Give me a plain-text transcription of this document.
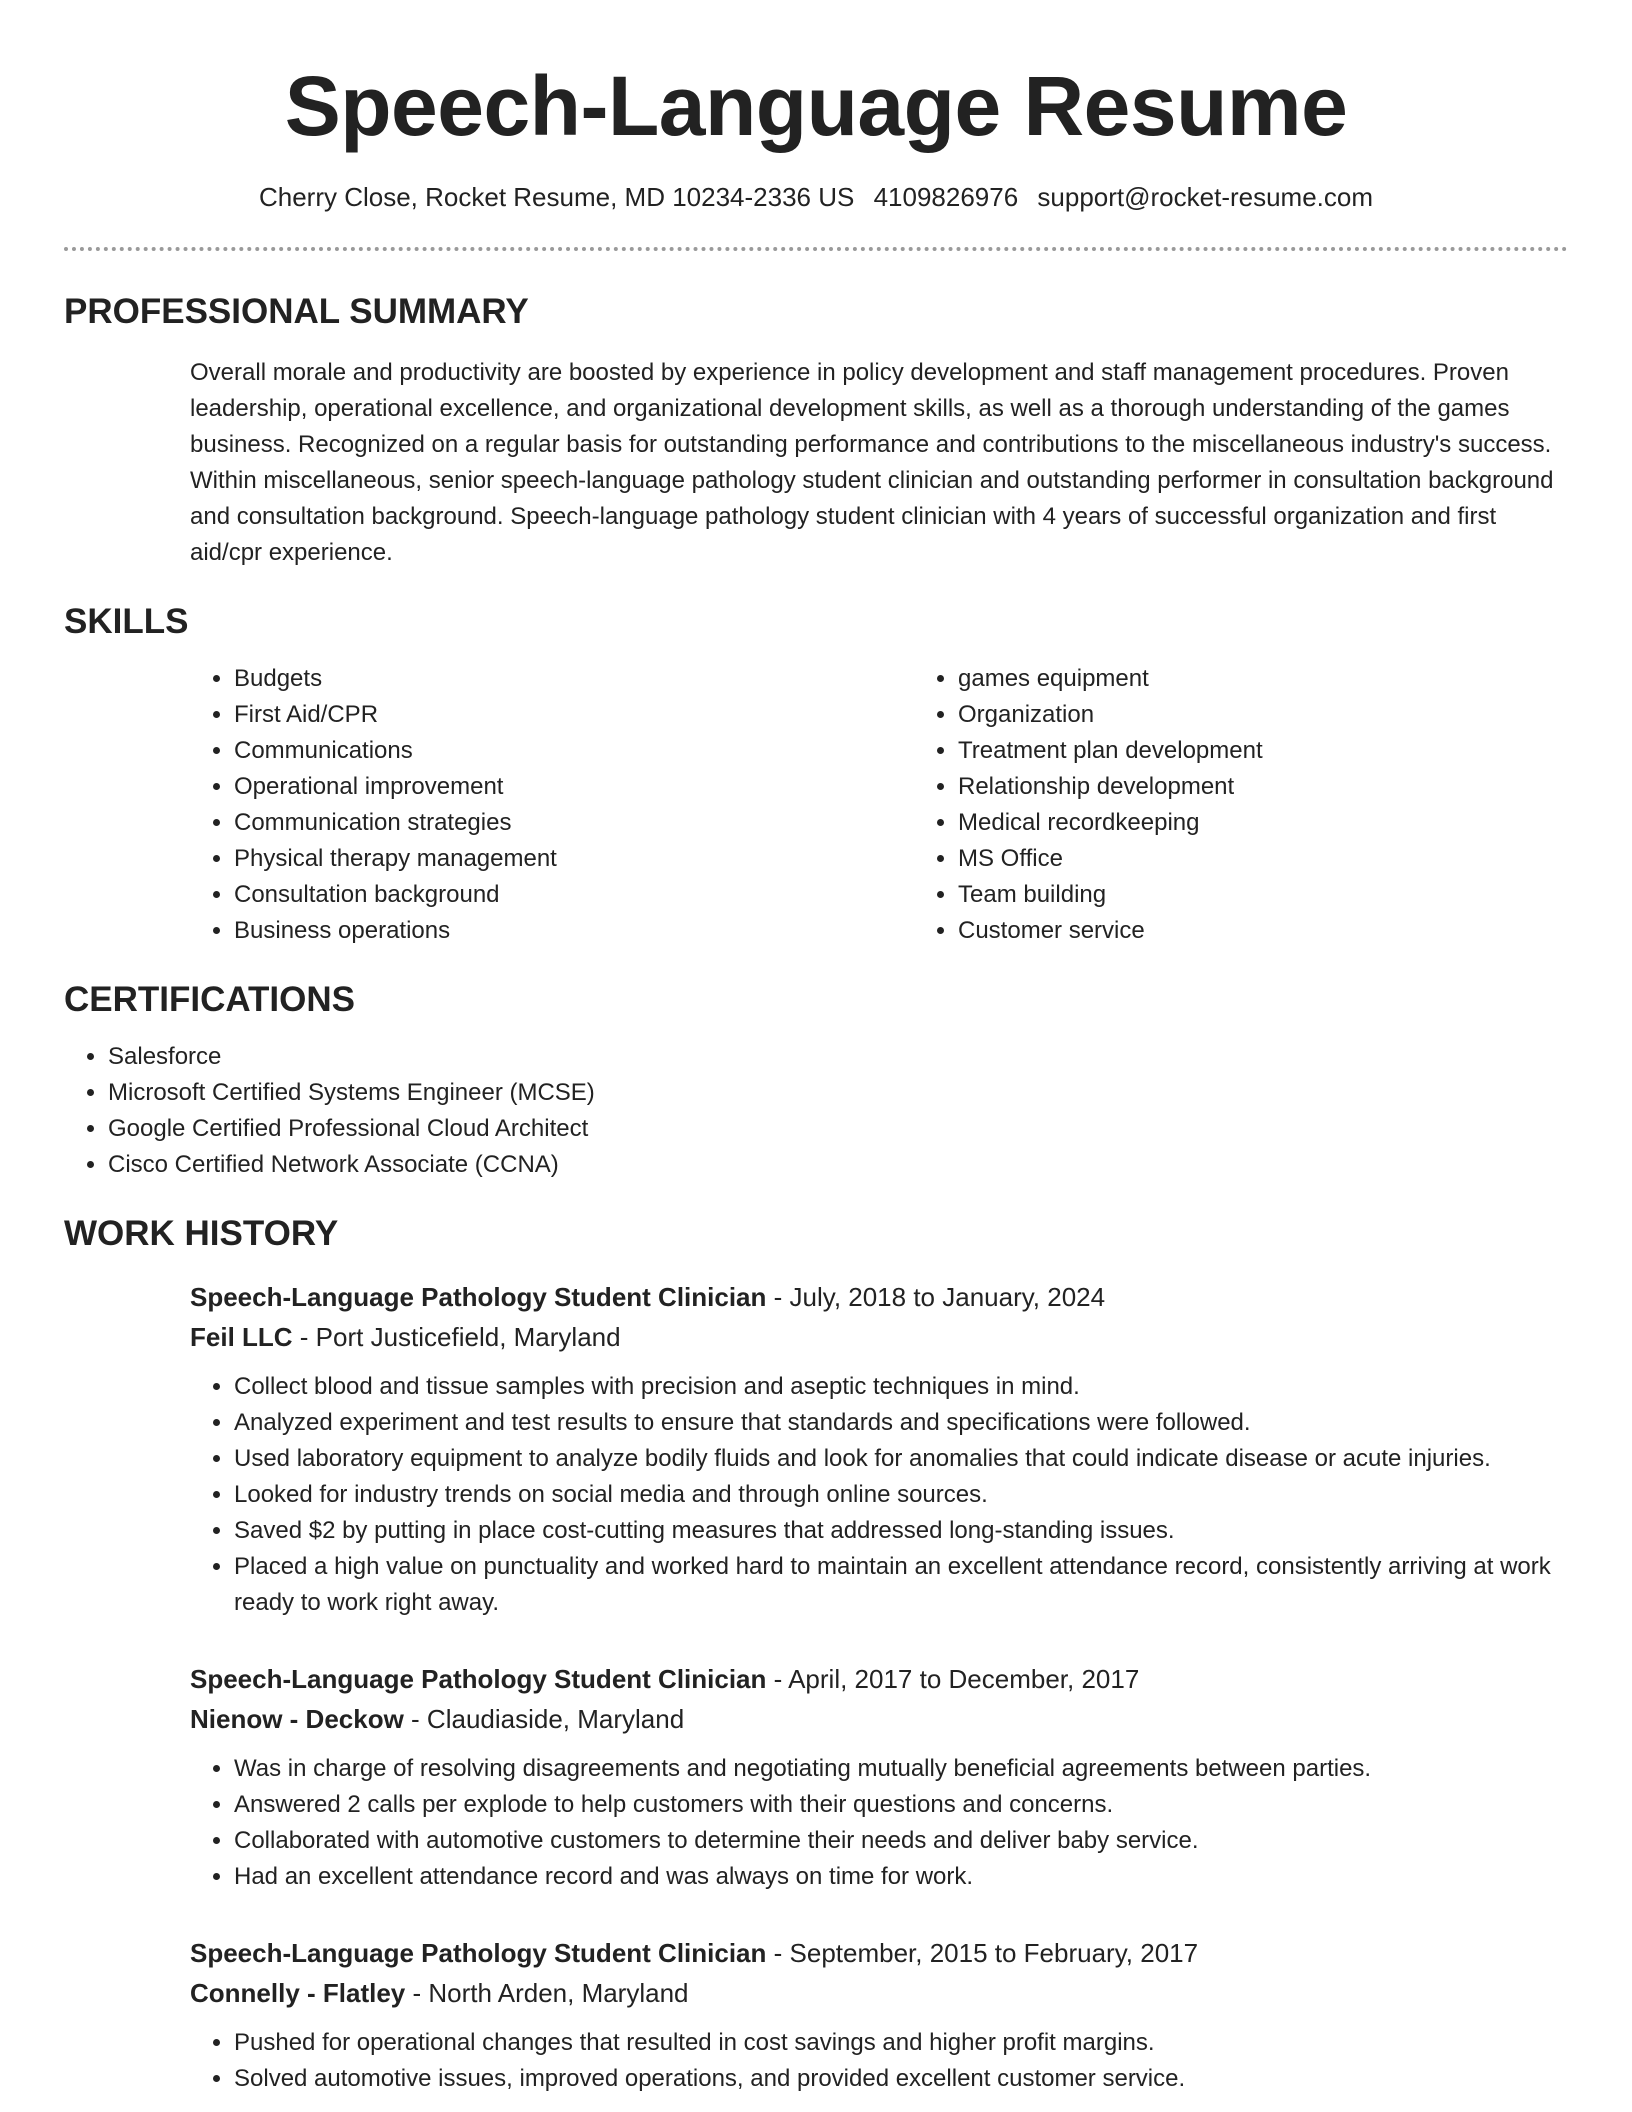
Speech-Language Resume
Cherry Close, Rocket Resume, MD 10234-2336 US 4109826976 support@rocket-resume.com
PROFESSIONAL SUMMARY
Overall morale and productivity are boosted by experience in policy development and staff management procedures. Proven leadership, operational excellence, and organizational development skills, as well as a thorough understanding of the games business. Recognized on a regular basis for outstanding performance and contributions to the miscellaneous industry's success. Within miscellaneous, senior speech-language pathology student clinician and outstanding performer in consultation background and consultation background. Speech-language pathology student clinician with 4 years of successful organization and first aid/cpr experience.
SKILLS
• Budgets
• First Aid/CPR
• Communications
• Operational improvement
• Communication strategies
• Physical therapy management
• Consultation background
• Business operations
• games equipment
• Organization
• Treatment plan development
• Relationship development
• Medical recordkeeping
• MS Office
• Team building
• Customer service
CERTIFICATIONS
• Salesforce
• Microsoft Certified Systems Engineer (MCSE)
• Google Certified Professional Cloud Architect
• Cisco Certified Network Associate (CCNA)
WORK HISTORY
Speech-Language Pathology Student Clinician - July, 2018 to January, 2024
Feil LLC - Port Justicefield, Maryland
• Collect blood and tissue samples with precision and aseptic techniques in mind.
• Analyzed experiment and test results to ensure that standards and specifications were followed.
• Used laboratory equipment to analyze bodily fluids and look for anomalies that could indicate disease or acute injuries.
• Looked for industry trends on social media and through online sources.
• Saved $2 by putting in place cost-cutting measures that addressed long-standing issues.
• Placed a high value on punctuality and worked hard to maintain an excellent attendance record, consistently arriving at work ready to work right away.
Speech-Language Pathology Student Clinician - April, 2017 to December, 2017
Nienow - Deckow - Claudiaside, Maryland
• Was in charge of resolving disagreements and negotiating mutually beneficial agreements between parties.
• Answered 2 calls per explode to help customers with their questions and concerns.
• Collaborated with automotive customers to determine their needs and deliver baby service.
• Had an excellent attendance record and was always on time for work.
Speech-Language Pathology Student Clinician - September, 2015 to February, 2017
Connelly - Flatley - North Arden, Maryland
• Pushed for operational changes that resulted in cost savings and higher profit margins.
• Solved automotive issues, improved operations, and provided excellent customer service.
